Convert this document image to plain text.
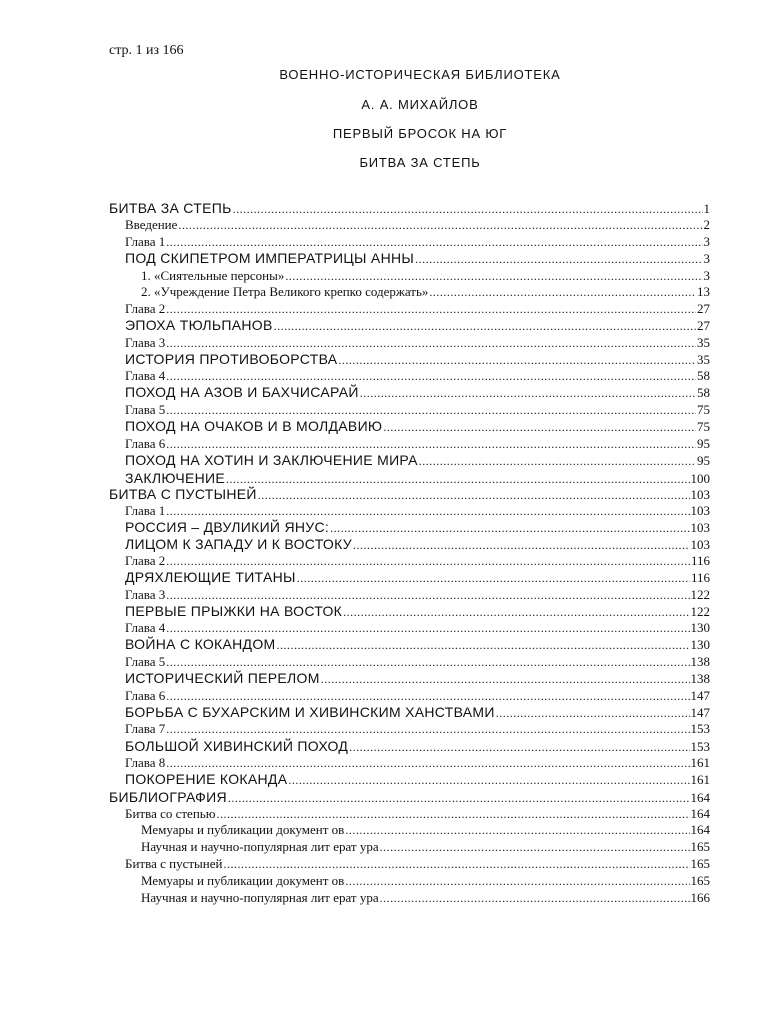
стр. 1 из 166
ВОЕННО-ИСТОРИЧЕСКАЯ БИБЛИОТЕКА
А. А. МИХАЙЛОВ
ПЕРВЫЙ БРОСОК НА ЮГ
БИТВА ЗА СТЕПЬ
БИТВА ЗА СТЕПЬ .....	1
Введение .....	2
Глава 1 .....	3
ПОД СКИПЕТРОМ ИМПЕРАТРИЦЫ АННЫ .....	3
1. «Сиятельные персоны» .....	3
2. «Учреждение Петра Великого крепко содержать» .....	13
Глава 2 .....	27
ЭПОХА ТЮЛЬПАНОВ .....	27
Глава 3 .....	35
ИСТОРИЯ ПРОТИВОБОРСТВА .....	35
Глава 4 .....	58
ПОХОД НА АЗОВ И БАХЧИСАРАЙ .....	58
Глава 5 .....	75
ПОХОД НА ОЧАКОВ И В МОЛДАВИЮ .....	75
Глава 6 .....	95
ПОХОД НА ХОТИН И ЗАКЛЮЧЕНИЕ МИРА .....	95
ЗАКЛЮЧЕНИЕ .....	100
БИТВА С ПУСТЫНЕЙ .....	103
Глава 1 .....	103
РОССИЯ – ДВУЛИКИЙ ЯНУС: .....	103
ЛИЦОМ К ЗАПАДУ И К ВОСТОКУ .....	103
Глава 2 .....	116
ДРЯХЛЕЮЩИЕ ТИТАНЫ .....	116
Глава 3 .....	122
ПЕРВЫЕ ПРЫЖКИ НА ВОСТОК .....	122
Глава 4 .....	130
ВОЙНА С КОКАНДОМ .....	130
Глава 5 .....	138
ИСТОРИЧЕСКИЙ ПЕРЕЛОМ .....	138
Глава 6 .....	147
БОРЬБА С БУХАРСКИМ И ХИВИНСКИМ ХАНСТВАМИ .....	147
Глава 7 .....	153
БОЛЬШОЙ ХИВИНСКИЙ ПОХОД .....	153
Глава 8 .....	161
ПОКОРЕНИЕ КОКАНДА .....	161
БИБЛИОГРАФИЯ .....	164
Битва со степью .....	164
Мемуары и публикации документ ов .....	164
Научная и научно-популярная лит ерат ура .....	165
Битва с пустыней .....	165
Мемуары и публикации документ ов .....	165
Научная и научно-популярная лит ерат ура .....	166
